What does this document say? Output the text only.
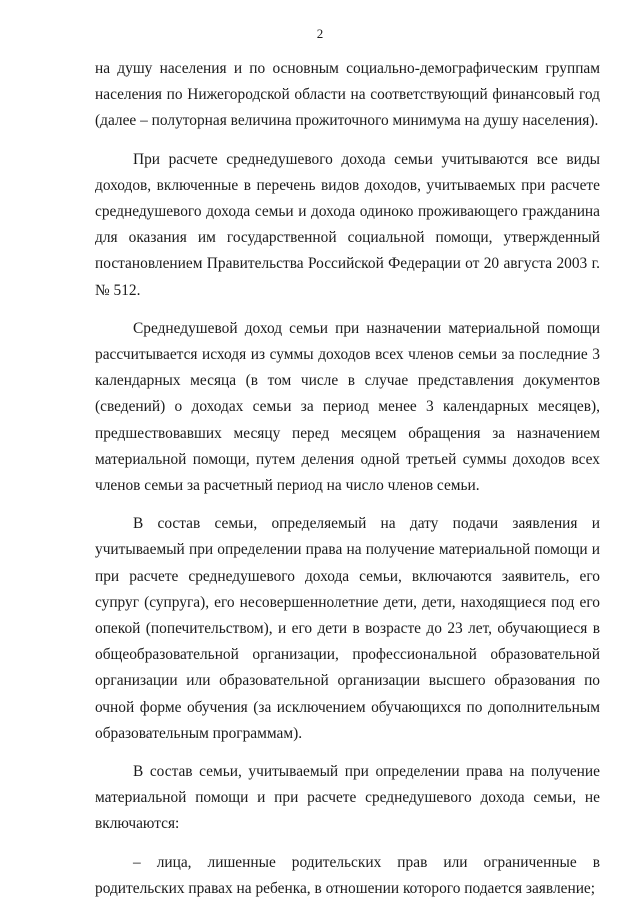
2

на душу населения и по основным социально-демографическим группам населения по Нижегородской области на соответствующий финансовый год (далее – полуторная величина прожиточного минимума на душу населения).

При расчете среднедушевого дохода семьи учитываются все виды доходов, включенные в перечень видов доходов, учитываемых при расчете среднедушевого дохода семьи и дохода одиноко проживающего гражданина для оказания им государственной социальной помощи, утвержденный постановлением Правительства Российской Федерации от 20 августа 2003 г. № 512.

Среднедушевой доход семьи при назначении материальной помощи рассчитывается исходя из суммы доходов всех членов семьи за последние 3 календарных месяца (в том числе в случае представления документов (сведений) о доходах семьи за период менее 3 календарных месяцев), предшествовавших месяцу перед месяцем обращения за назначением материальной помощи, путем деления одной третьей суммы доходов всех членов семьи за расчетный период на число членов семьи.

В состав семьи, определяемый на дату подачи заявления и учитываемый при определении права на получение материальной помощи и при расчете среднедушевого дохода семьи, включаются заявитель, его супруг (супруга), его несовершеннолетние дети, дети, находящиеся под его опекой (попечительством), и его дети в возрасте до 23 лет, обучающиеся в общеобразовательной организации, профессиональной образовательной организации или образовательной организации высшего образования по очной форме обучения (за исключением обучающихся по дополнительным образовательным программам).

В состав семьи, учитываемый при определении права на получение материальной помощи и при расчете среднедушевого дохода семьи, не включаются:

– лица, лишенные родительских прав или ограниченные в родительских правах на ребенка, в отношении которого подается заявление;
